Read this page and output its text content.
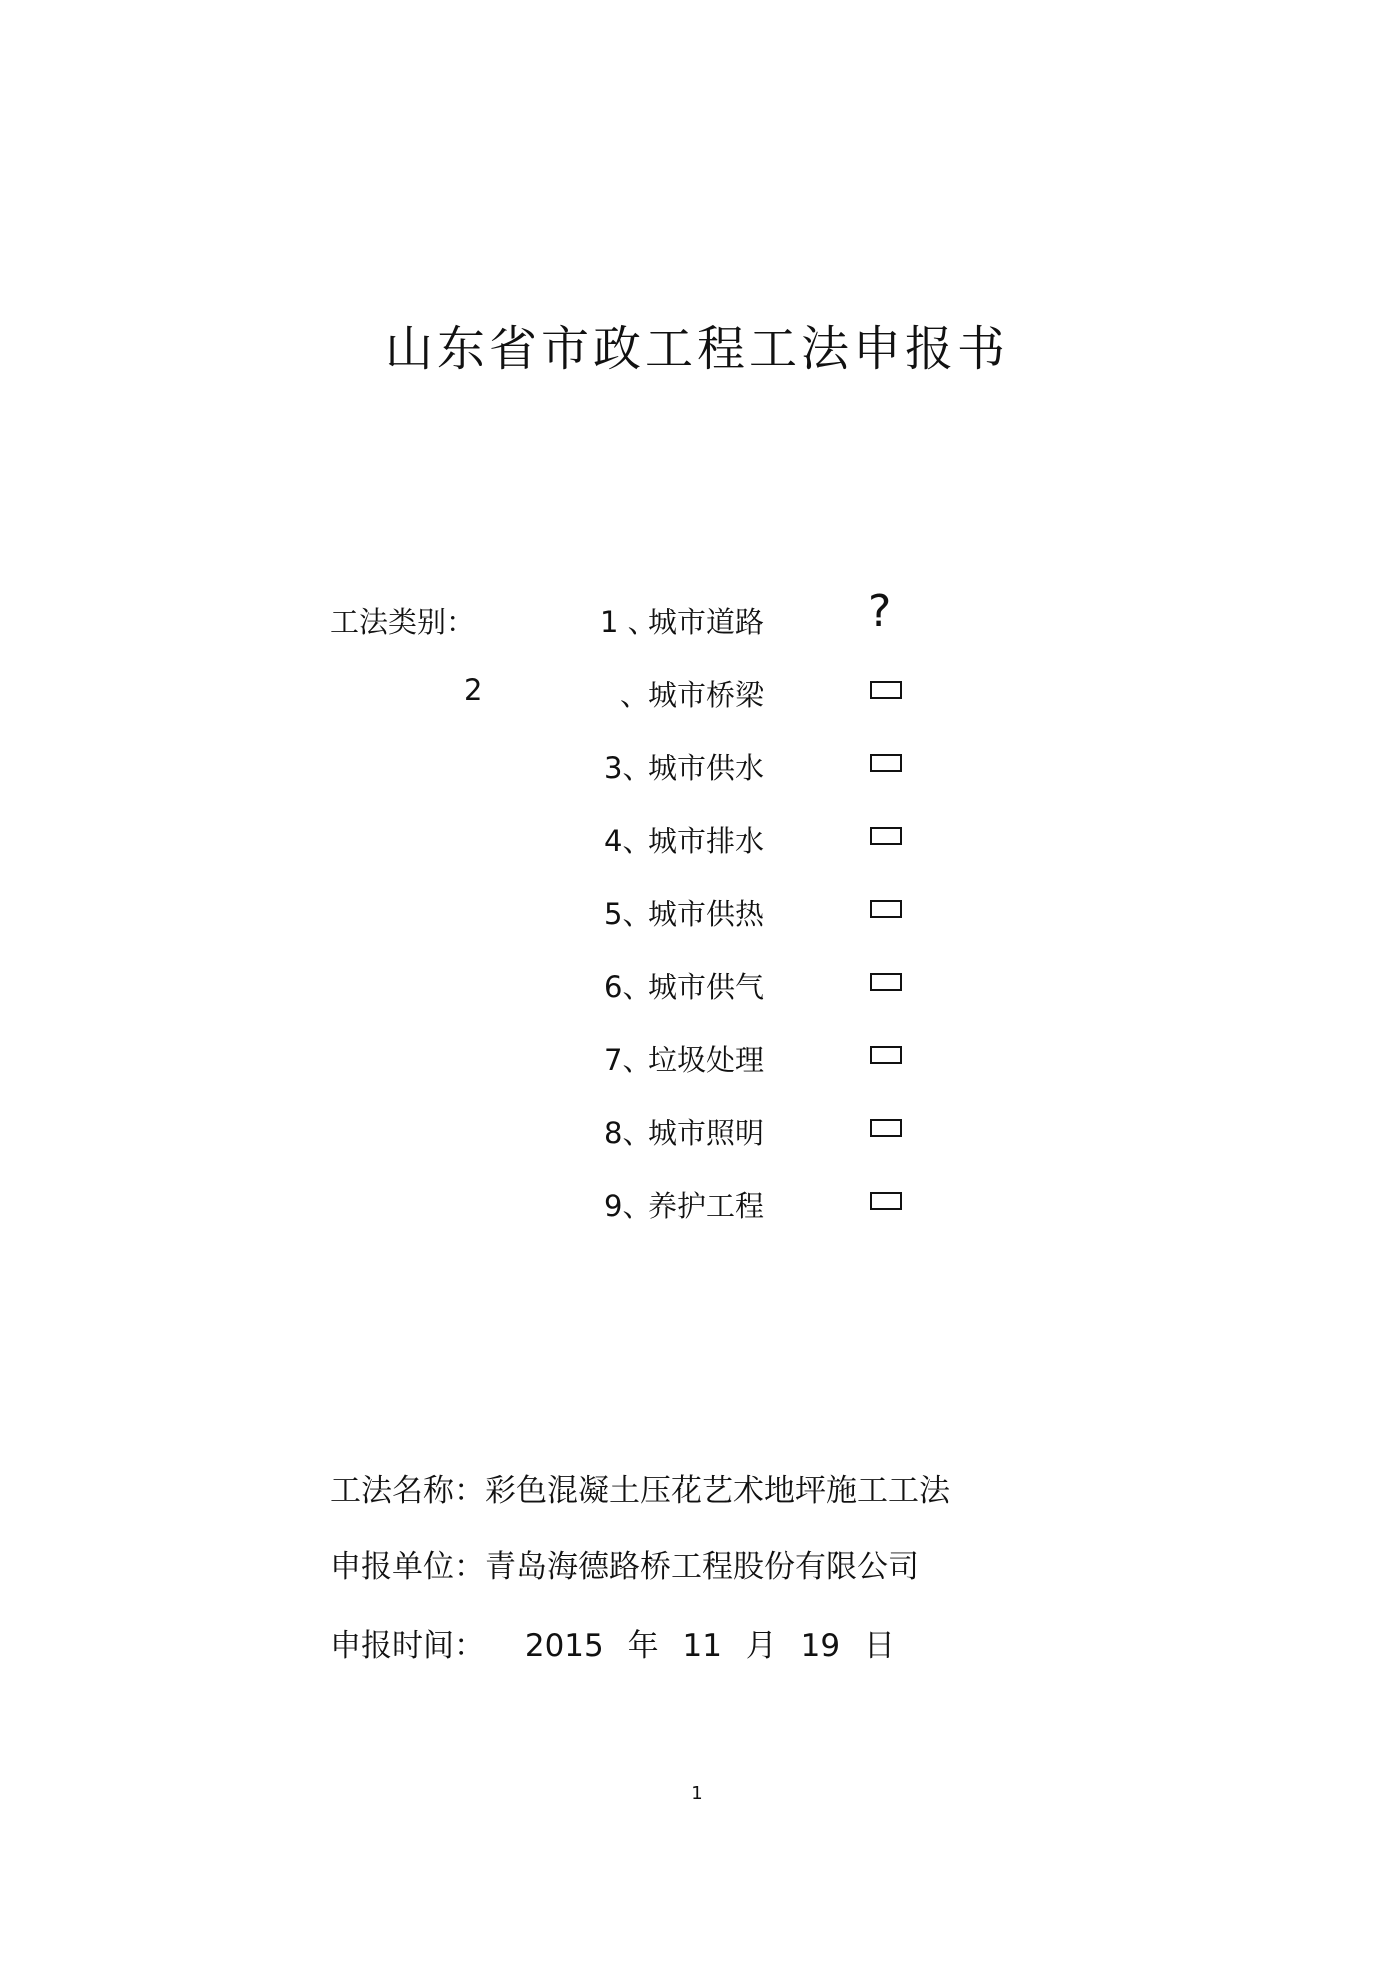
山东省市政工程工法申报书
工法类别：	1 、
城市道路 ?
2	、
城市桥梁
3、
城市供水
4、
城市排水
5、
城市供热
6、
城市供气
7、
垃圾处理
8、
城市照明
9、
养护工程
工法名称：彩色混凝土压花艺术地坪施工工法
申报单位：青岛海德路桥工程股份有限公司
申报时间： 2015 年 11 月 19 日
1
